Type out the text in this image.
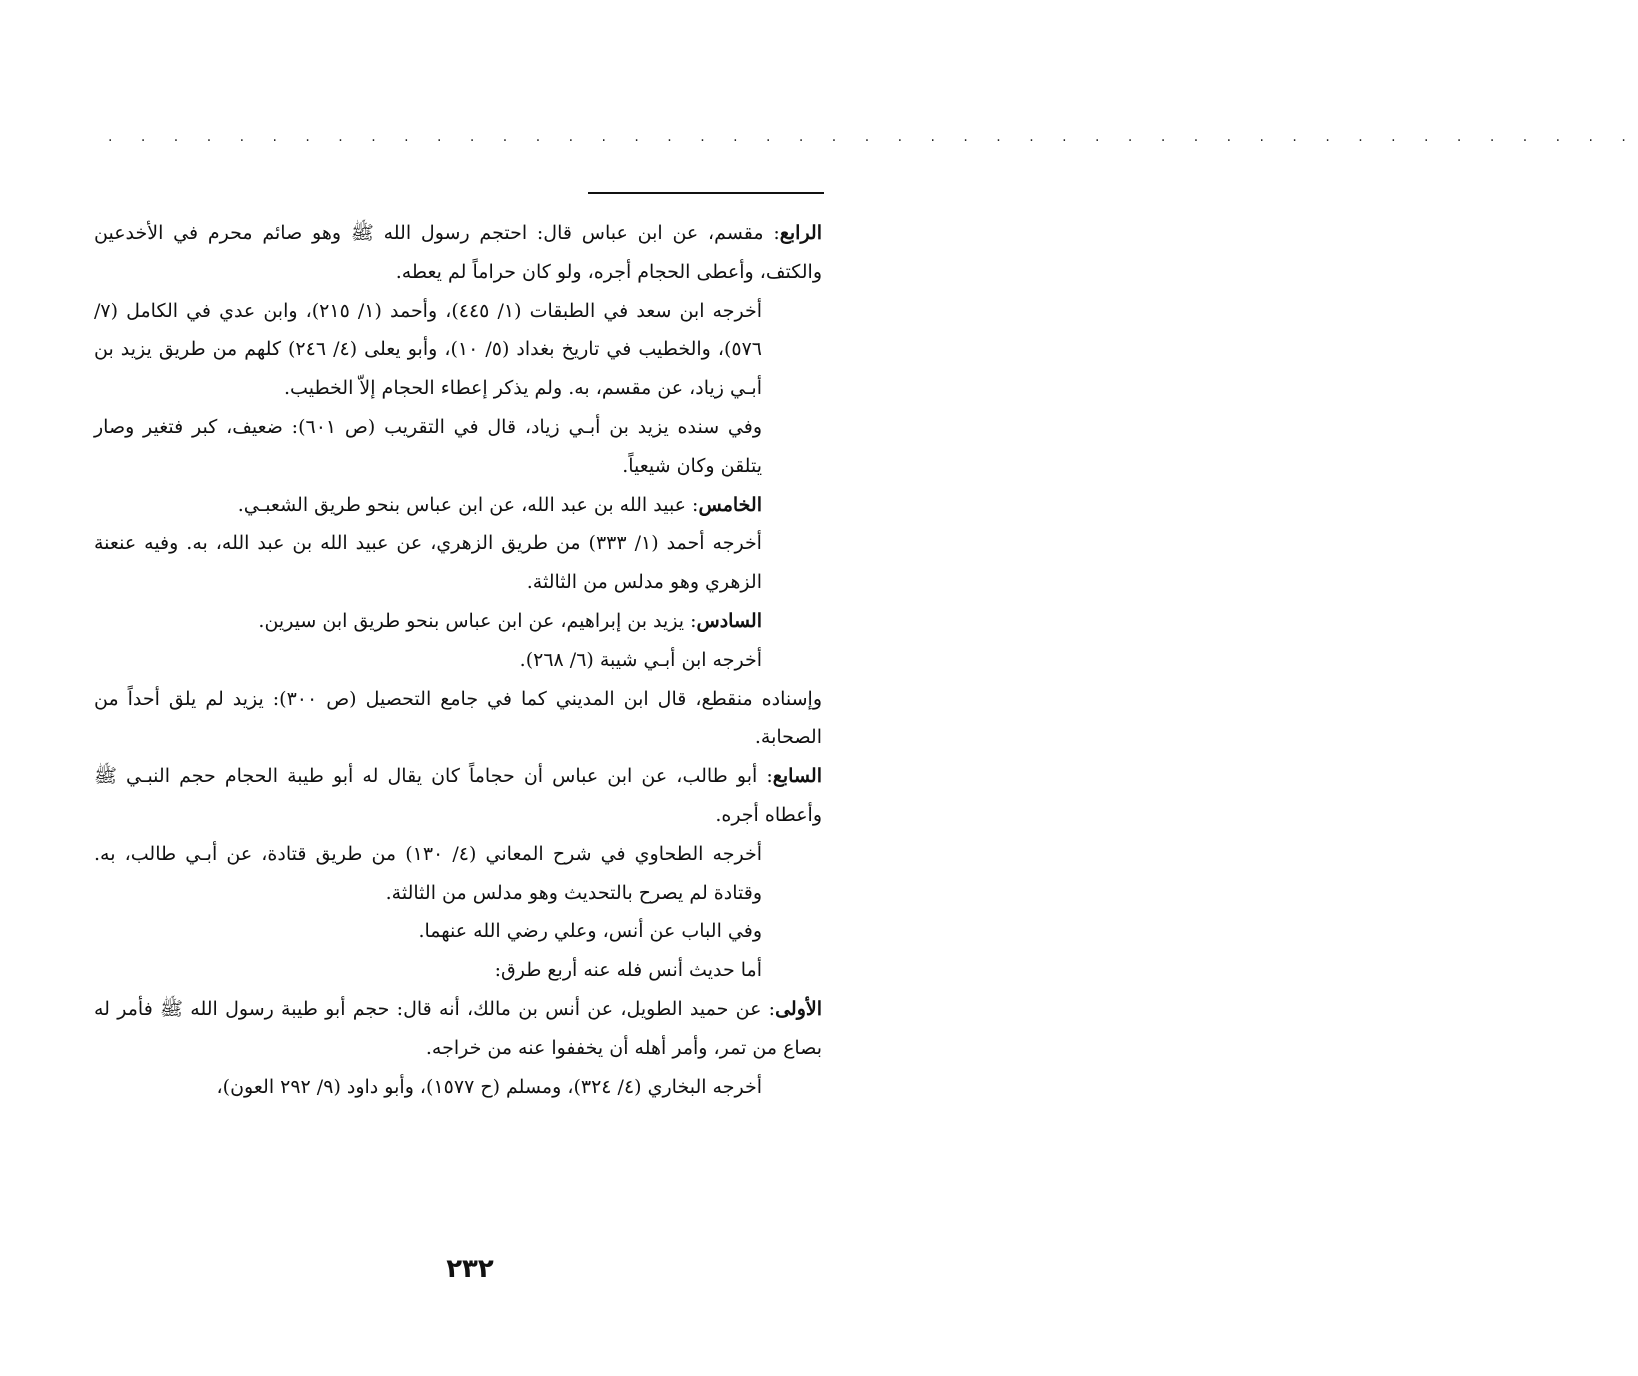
. . . . . . . . . . . . . . . . . . . . . . . . . . . . . . . . . . . . . . . . . . . . . . .

الرابع: مقسم، عن ابن عباس قال: احتجم رسول الله ﷺ وهو صائم محرم في الأخدعين والكتف، وأعطى الحجام أجره، ولو كان حراماً لم يعطه.

أخرجه ابن سعد في الطبقات (١/ ٤٤٥)، وأحمد (١/ ٢١٥)، وابن عدي في الكامل (٧/ ٥٧٦)، والخطيب في تاريخ بغداد (٥/ ١٠)، وأبو يعلى (٤/ ٢٤٦) كلهم من طريق يزيد بن أبـي زياد، عن مقسم، به. ولم يذكر إعطاء الحجام إلاّ الخطيب.

وفي سنده يزيد بن أبـي زياد، قال في التقريب (ص ٦٠١): ضعيف، كبر فتغير وصار يتلقن وكان شيعياً.

الخامس: عبيد الله بن عبد الله، عن ابن عباس بنحو طريق الشعبـي.

أخرجه أحمد (١/ ٣٣٣) من طريق الزهري، عن عبيد الله بن عبد الله، به. وفيه عنعنة الزهري وهو مدلس من الثالثة.

السادس: يزيد بن إبراهيم، عن ابن عباس بنحو طريق ابن سيرين.

أخرجه ابن أبـي شيبة (٦/ ٢٦٨).

وإسناده منقطع، قال ابن المديني كما في جامع التحصيل (ص ٣٠٠): يزيد لم يلق أحداً من الصحابة.

السابع: أبو طالب، عن ابن عباس أن حجاماً كان يقال له أبو طيبة الحجام حجم النبـي ﷺ وأعطاه أجره.

أخرجه الطحاوي في شرح المعاني (٤/ ١٣٠) من طريق قتادة، عن أبـي طالب، به. وقتادة لم يصرح بالتحديث وهو مدلس من الثالثة.

وفي الباب عن أنس، وعلي رضي الله عنهما.

أما حديث أنس فله عنه أربع طرق:

الأولى: عن حميد الطويل، عن أنس بن مالك، أنه قال: حجم أبو طيبة رسول الله ﷺ فأمر له بصاع من تمر، وأمر أهله أن يخففوا عنه من خراجه.

أخرجه البخاري (٤/ ٣٢٤)، ومسلم (ح ١٥٧٧)، وأبو داود (٩/ ٢٩٢ العون)،

٢٣٢
